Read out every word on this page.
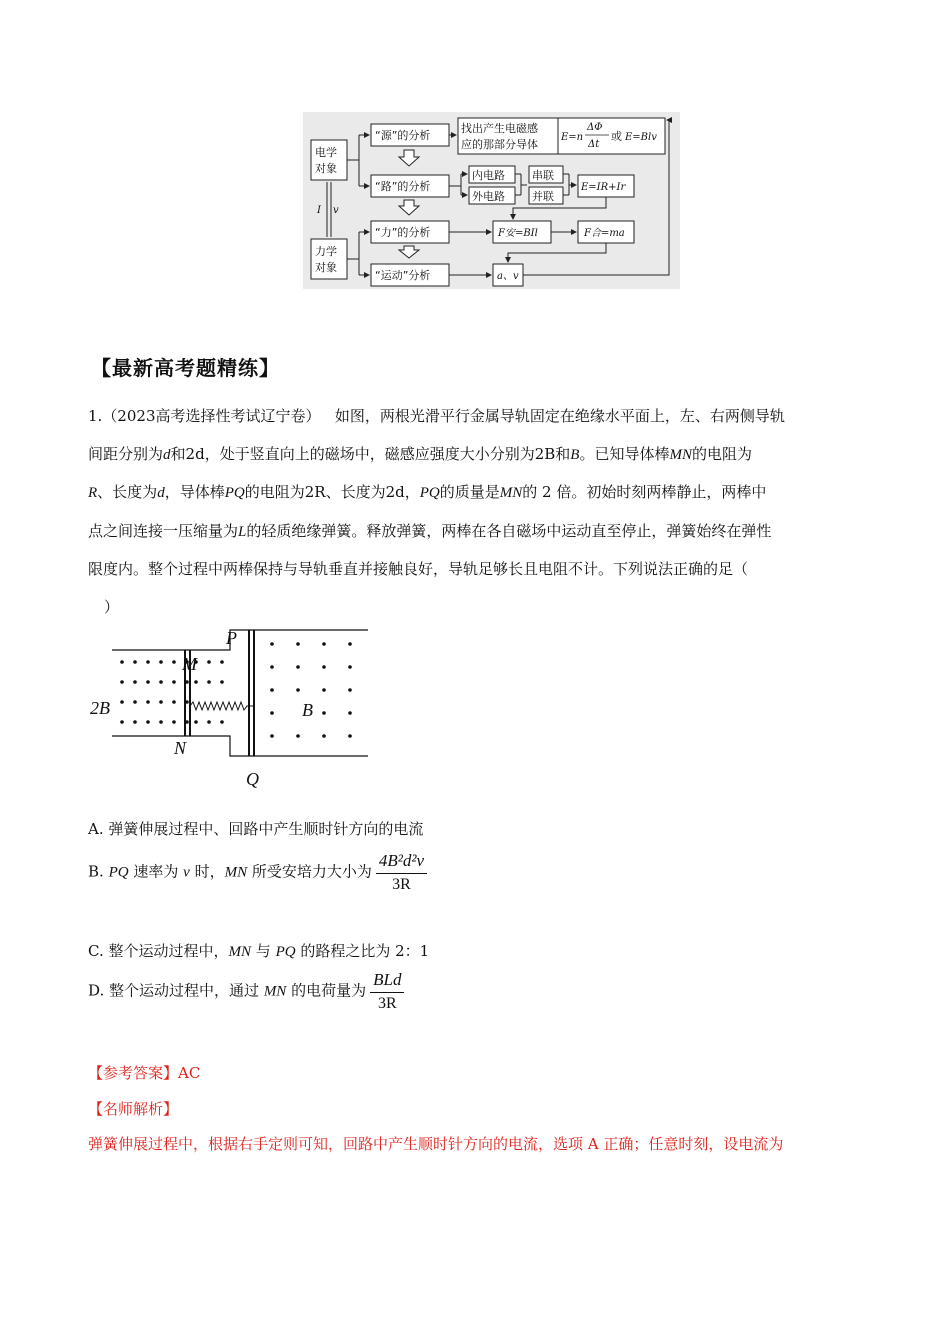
电学
对象
力学
对象
I v
“源”的分析
“路”的分析
“力”的分析
“运动”分析
找出产生电磁感
应的那部分导体
E=n
ΔΦ
Δt
或 E=Blv
内电路
外电路
串联
并联
E=IR+Ir
F安=BIl	F合=ma
a、v
【最新高考题精练】
1.（2023高考选择性考试辽宁卷） 如图，两根光滑平行金属导轨固定在绝缘水平面上，左、右两侧导轨
间距分别为d和2d，处于竖直向上的磁场中，磁感应强度大小分别为2B和B。已知导体棒MN的电阻为
R、长度为d，导体棒PQ的电阻为2R、长度为2d，PQ的质量是MN的 2 倍。初始时刻两棒静止，两棒中
点之间连接一压缩量为L的轻质绝缘弹簧。释放弹簧，两棒在各自磁场中运动直至停止，弹簧始终在弹性
限度内。整个过程中两棒保持与导轨垂直并接触良好，导轨足够长且电阻不计。下列说法正确的足（
）
P
M
2B	B
N
Q
A. 弹簧伸展过程中、回路中产生顺时针方向的电流
B. PQ 速率为 v 时，MN 所受安培力大小为 $\frac{\text{4B²d²v}}{3R}$
C. 整个运动过程中，MN 与 PQ 的路程之比为 2：1
D. 整个运动过程中，通过 MN 的电荷量为 $\frac{\text{BLd}}{3R}$
【参考答案】AC
【名师解析】
弹簧伸展过程中，根据右手定则可知，回路中产生顺时针方向的电流，选项 A 正确；任意时刻，设电流为
